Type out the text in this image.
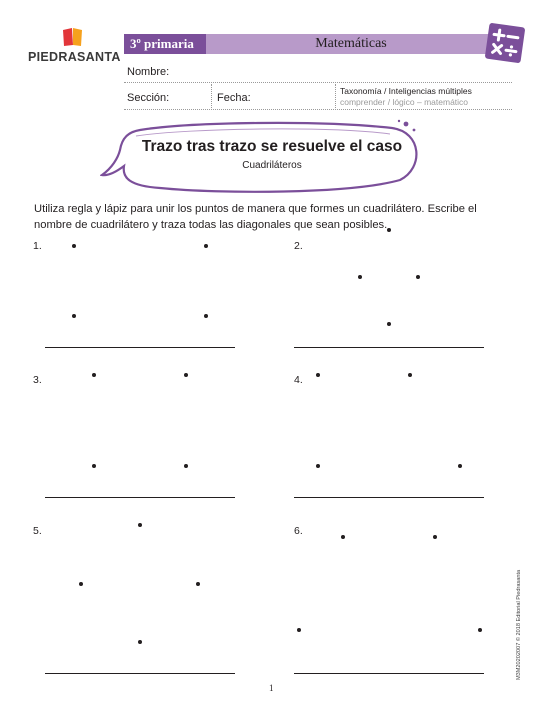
PIEDRASANTA
3º primaria	Matemáticas
Nombre:
Sección:	Fecha:
Taxonomía / Inteligencias múltiples
comprender / lógico – matemático
Trazo tras trazo se resuelve el caso
Cuadriláteros
Utiliza regla y lápiz para unir los puntos de manera que formes un cuadrilátero. Escribe el nombre de cuadrilátero y traza todas las diagonales que sean posibles.
1.	2.
3.	4.
5.	6.
1
M3M20202007 © 2018 Editorial Piedrasanta
